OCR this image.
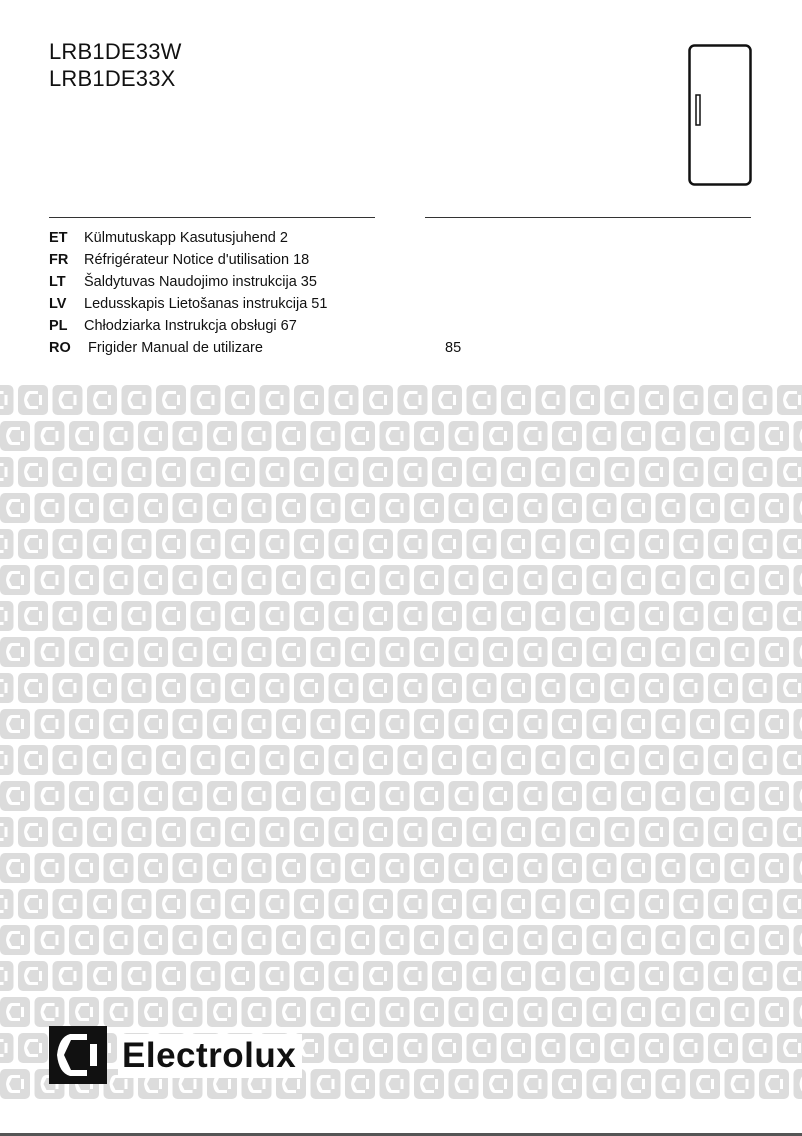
LRB1DE33W
LRB1DE33X
ET Külmutuskapp Kasutusjuhend 2
FR Réfrigérateur Notice d'utilisation 18
LT Šaldytuvas Naudojimo instrukcija 35
LV Ledusskapis Lietošanas instrukcija 51
PL Chłodziarka Instrukcja obsługi 67
RO Frigider Manual de utilizare	85
Electrolux
